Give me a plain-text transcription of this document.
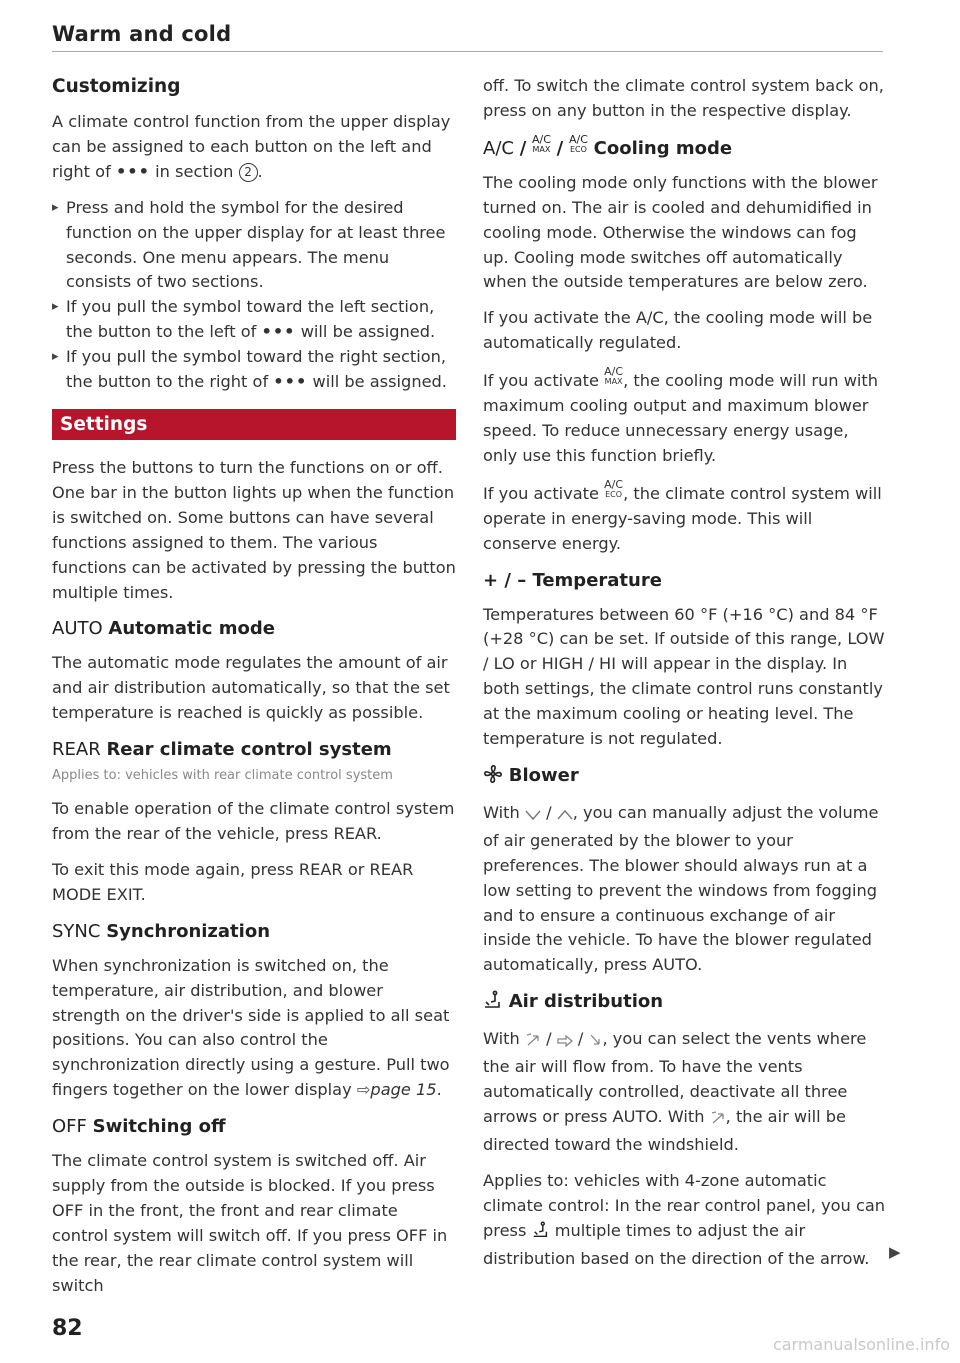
Warm and cold
Customizing

A climate control function from the upper display can be assigned to each button on the left and right of ••• in section 2 .

▸ Press and hold the symbol for the desired function on the upper display for at least three seconds. One menu appears. The menu consists of two sections.
▸ If you pull the symbol toward the left section, the button to the left of ••• will be assigned.
▸ If you pull the symbol toward the right section, the button to the right of ••• will be assigned.
Settings

Press the buttons to turn the functions on or off. One bar in the button lights up when the function is switched on. Some buttons can have several functions assigned to them. The various functions can be activated by pressing the button multiple times.

AUTO Automatic mode

The automatic mode regulates the amount of air and air distribution automatically, so that the set temperature is reached is quickly as possible.

REAR Rear climate control system
Applies to: vehicles with rear climate control system

To enable operation of the climate control system from the rear of the vehicle, press REAR.

To exit this mode again, press REAR or REAR MODE EXIT.

SYNC Synchronization

When synchronization is switched on, the temperature, air distribution, and blower strength on the driver's side is applied to all seat positions. You can also control the synchronization directly using a gesture. Pull two fingers together on the lower display ⇨page 15.

OFF Switching off

The climate control system is switched off. Air supply from the outside is blocked. If you press OFF in the front, the front and rear climate control system will switch off. If you press OFF in the rear, the rear climate control system will switch

off. To switch the climate control system back on, press on any button in the respective display.

A/C / A/C
MAX / A/C
ECO Cooling mode

The cooling mode only functions with the blower turned on. The air is cooled and dehumidified in cooling mode. Otherwise the windows can fog up. Cooling mode switches off automatically when the outside temperatures are below zero.

If you activate the A/C, the cooling mode will be automatically regulated.

If you activate A/C
MAX , the cooling mode will run with maximum cooling output and maximum blower speed. To reduce unnecessary energy usage, only use this function briefly.

If you activate A/C
ECO , the climate control system will operate in energy-saving mode. This will conserve energy.

+ / – Temperature

Temperatures between 60 °F (+16 °C) and 84 °F (+28 °C) can be set. If outside of this range, LOW / LO or HIGH / HI will appear in the display. In both settings, the climate control runs constantly at the maximum cooling or heating level. The temperature is not regulated.

Blower

With / , you can manually adjust the volume of air generated by the blower to your preferences. The blower should always run at a low setting to prevent the windows from fogging and to ensure a continuous exchange of air inside the vehicle. To have the blower regulated automatically, press AUTO.

Air distribution

With / / , you can select the vents where the air will flow from. To have the vents automatically controlled, deactivate all three arrows or press AUTO. With , the air will be directed toward the windshield.

Applies to: vehicles with 4-zone automatic climate control: In the rear control panel, you can press multiple times to adjust the air distribution based on the direction of the arrow.	▶
82
carmanualsonline.info
